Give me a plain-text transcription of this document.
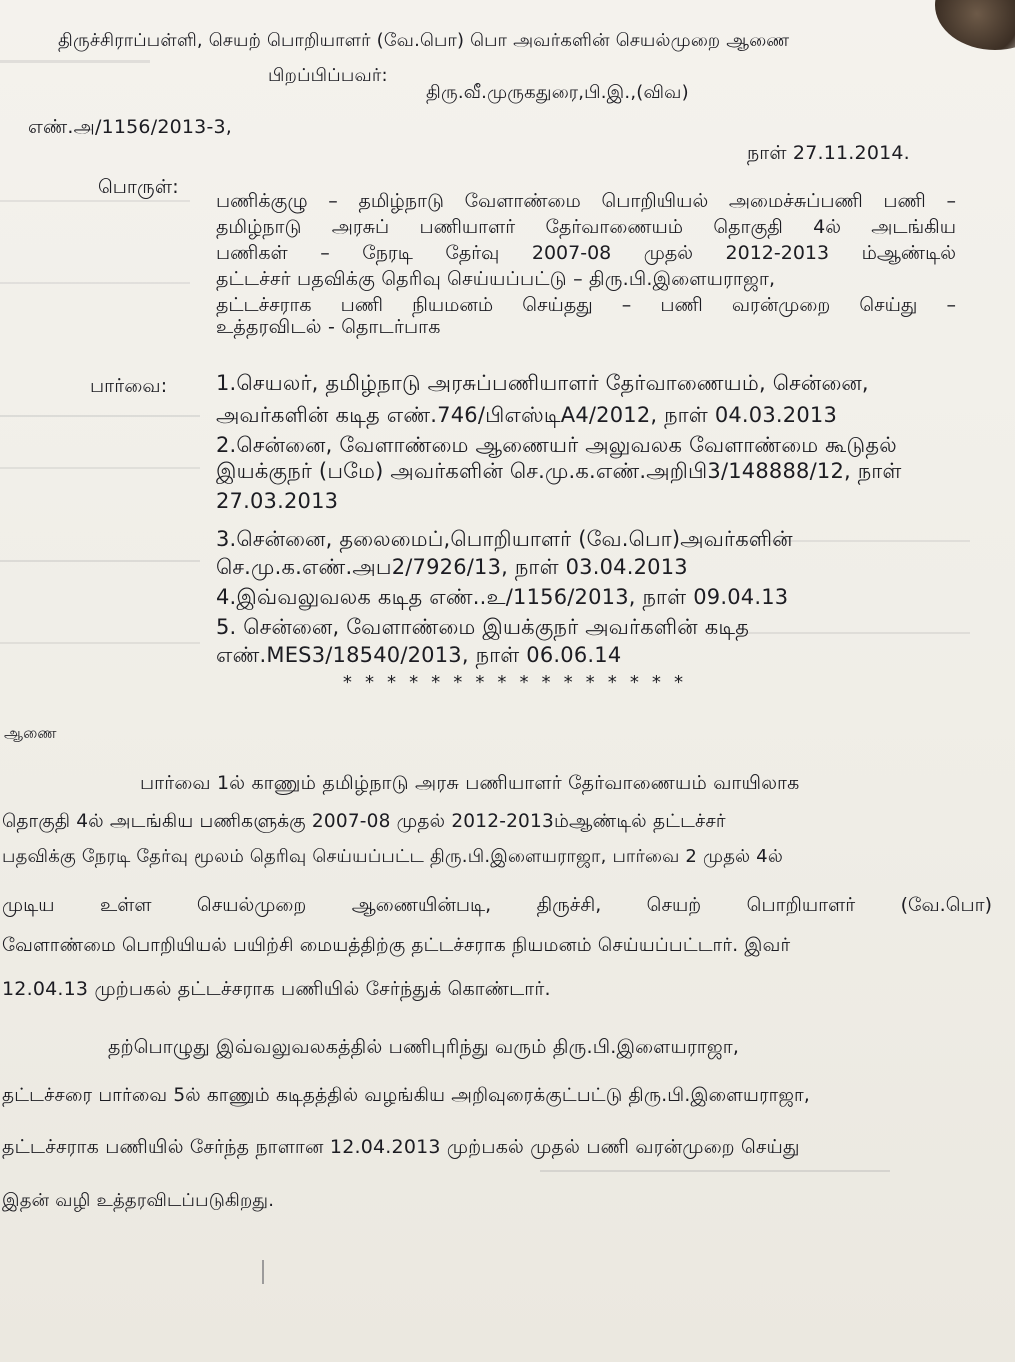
திருச்சிராப்பள்ளி, செயற் பொறியாளர் (வே.பொ) பொ அவர்களின் செயல்முறை ஆணை
பிறப்பிப்பவர்:
திரு.வீ.முருகதுரை,பி.இ.,(விவ)
எண்.அ/1156/2013-3,
நாள் 27.11.2014.
பொருள்:
பணிக்குழு – தமிழ்நாடு வேளாண்மை பொறியியல் அமைச்சுப்பணி பணி –
தமிழ்நாடு அரசுப் பணியாளர் தேர்வாணையம் தொகுதி 4ல் அடங்கிய
பணிகள் – நேரடி தேர்வு 2007-08 முதல் 2012-2013 ம்ஆண்டில்
தட்டச்சர் பதவிக்கு தெரிவு செய்யப்பட்டு – திரு.பி.இளையராஜா,
தட்டச்சராக பணி நியமனம் செய்தது – பணி வரன்முறை செய்து –
உத்தரவிடல் - தொடர்பாக
பார்வை: 1.செயலர், தமிழ்நாடு அரசுப்பணியாளர் தேர்வாணையம், சென்னை,
அவர்களின் கடித எண்.746/பிஎஸ்டிA4/2012, நாள் 04.03.2013
2.சென்னை, வேளாண்மை ஆணையர் அலுவலக வேளாண்மை கூடுதல்
இயக்குநர் (பமே) அவர்களின் செ.மு.க.எண்.அறிபி3/148888/12, நாள்
27.03.2013
3.சென்னை, தலைமைப்,பொறியாளர் (வே.பொ)அவர்களின்
செ.மு.க.எண்.அப2/7926/13, நாள் 03.04.2013
4.இவ்வலுவலக கடித எண்..உ/1156/2013, நாள் 09.04.13
5. சென்னை, வேளாண்மை இயக்குநர் அவர்களின் கடித
எண்.MES3/18540/2013, நாள் 06.06.14
* * * * * * * * * * * * * * * *
ஆணை
பார்வை 1ல் காணும் தமிழ்நாடு அரசு பணியாளர் தேர்வாணையம் வாயிலாக
தொகுதி 4ல் அடங்கிய பணிகளுக்கு 2007-08 முதல் 2012-2013ம்ஆண்டில் தட்டச்சர்
பதவிக்கு நேரடி தேர்வு மூலம் தெரிவு செய்யப்பட்ட திரு.பி.இளையராஜா, பார்வை 2 முதல் 4ல்
முடிய உள்ள செயல்முறை ஆணையின்படி, திருச்சி, செயற் பொறியாளர் (வே.பொ)
வேளாண்மை பொறியியல் பயிற்சி மையத்திற்கு தட்டச்சராக நியமனம் செய்யப்பட்டார். இவர்
12.04.13 முற்பகல் தட்டச்சராக பணியில் சேர்ந்துக் கொண்டார்.
தற்பொழுது இவ்வலுவலகத்தில் பணிபுரிந்து வரும் திரு.பி.இளையராஜா,
தட்டச்சரை பார்வை 5ல் காணும் கடிதத்தில் வழங்கிய அறிவுரைக்குட்பட்டு திரு.பி.இளையராஜா,
தட்டச்சராக பணியில் சேர்ந்த நாளான 12.04.2013 முற்பகல் முதல் பணி வரன்முறை செய்து
இதன் வழி உத்தரவிடப்படுகிறது.
